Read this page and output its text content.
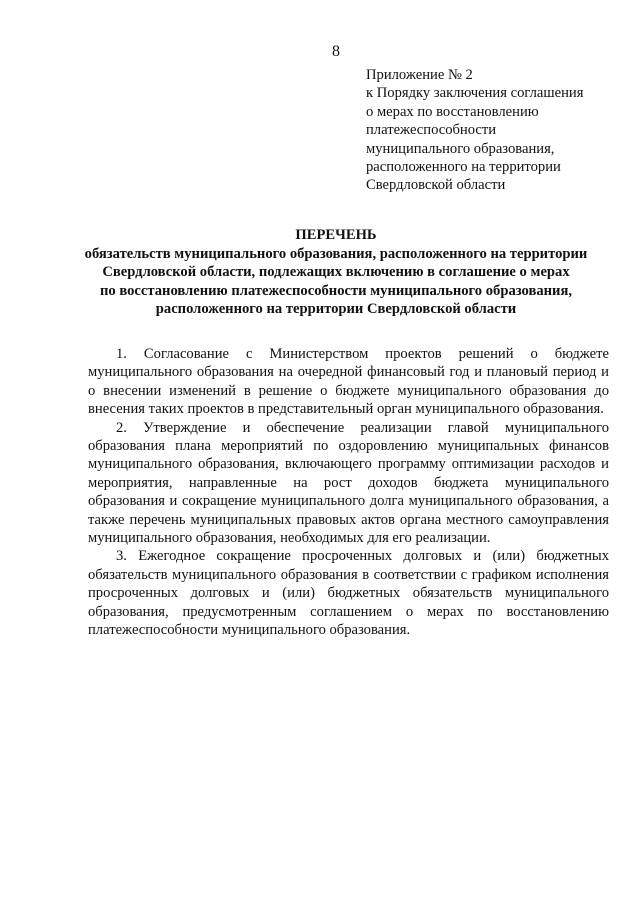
8
Приложение № 2
к Порядку заключения соглашения
о мерах по восстановлению
платежеспособности
муниципального образования,
расположенного на территории
Свердловской области
ПЕРЕЧЕНЬ
обязательств муниципального образования, расположенного на территории
Свердловской области, подлежащих включению в соглашение о мерах
по восстановлению платежеспособности муниципального образования,
расположенного на территории Свердловской области

1. Согласование с Министерством проектов решений о бюджете муниципального образования на очередной финансовый год и плановый период и о внесении изменений в решение о бюджете муниципального образования до внесения таких проектов в представительный орган муниципального образования.

2. Утверждение и обеспечение реализации главой муниципального образования плана мероприятий по оздоровлению муниципальных финансов муниципального образования, включающего программу оптимизации расходов и мероприятия, направленные на рост доходов бюджета муниципального образования и сокращение муниципального долга муниципального образования, а также перечень муниципальных правовых актов органа местного самоуправления муниципального образования, необходимых для его реализации.

3. Ежегодное сокращение просроченных долговых и (или) бюджетных обязательств муниципального образования в соответствии с графиком исполнения просроченных долговых и (или) бюджетных обязательств муниципального образования, предусмотренным соглашением о мерах по восстановлению платежеспособности муниципального образования.
